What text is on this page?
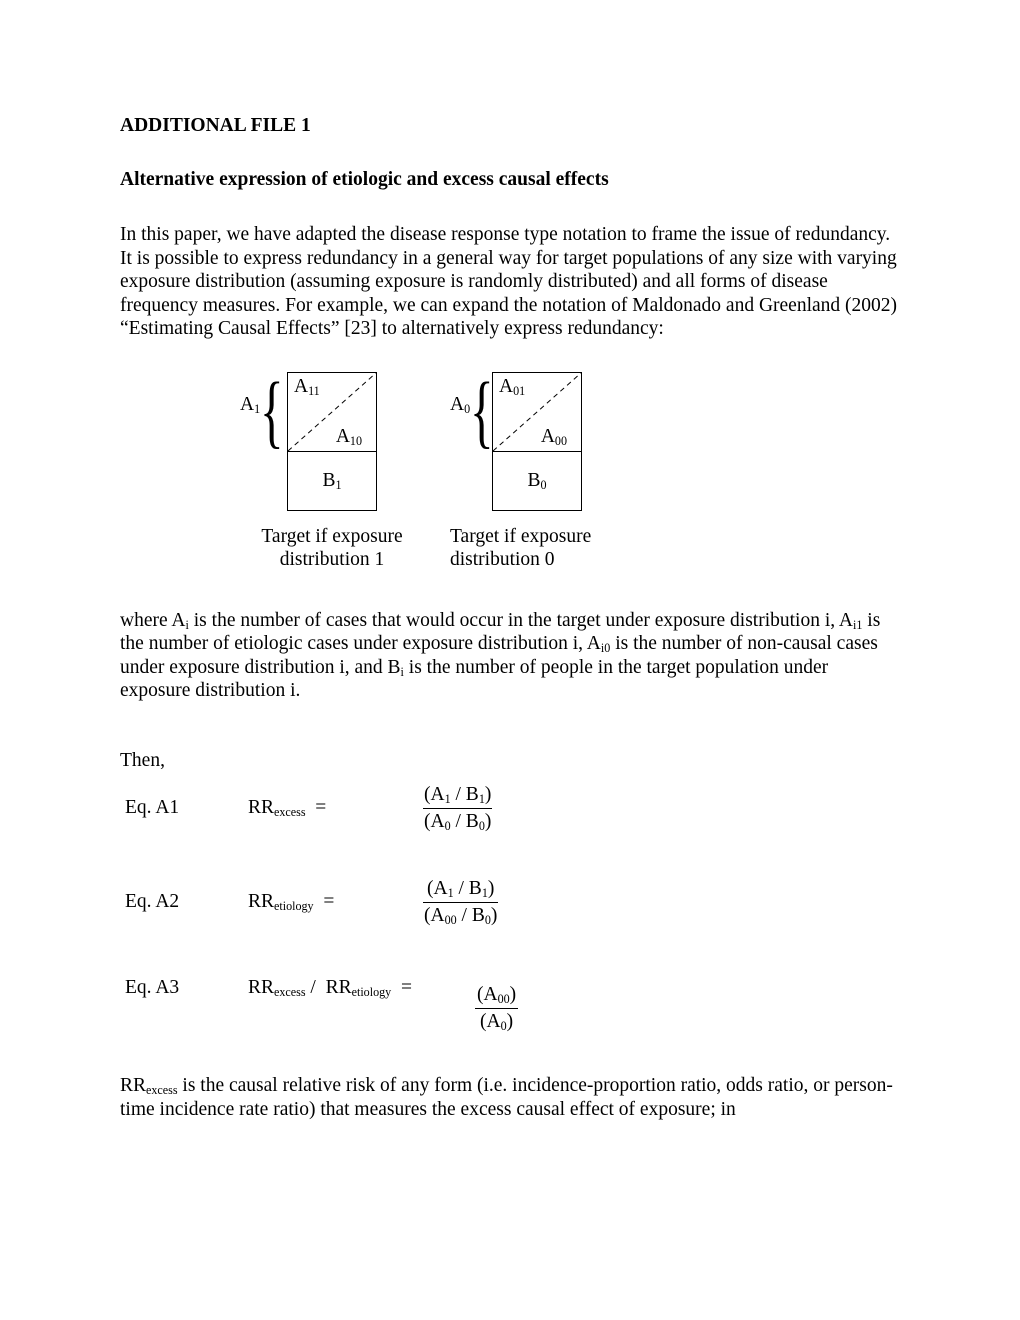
ADDITIONAL FILE 1

Alternative expression of etiologic and excess causal effects

In this paper, we have adapted the disease response type notation to frame the issue of redundancy. It is possible to express redundancy in a general way for target populations of any size with varying exposure distribution (assuming exposure is randomly distributed) and all forms of disease frequency measures. For example, we can expand the notation of Maldonado and Greenland (2002) “Estimating Causal Effects” [23] to alternatively express redundancy:

$A_1$ { $A_{11}$
$A_{10}$
$B_1$
Target if exposure
distribution 1
$A_0$ { $A_{01}$
$A_{00}$
$B_0$
Target if exposure
distribution 0

where $A_i$ is the number of cases that would occur in the target under exposure distribution i, $A_{i1}$ is the number of etiologic cases under exposure distribution i, $A_{i0}$ is the number of non-causal cases under exposure distribution i, and $B_i$ is the number of people in the target population under exposure distribution i.

Then,

Eq. A1	$RR_{excess}$  =	$\frac{(A_1 / B_1)}{(A_0 / B_0)}$
Eq. A2	$RR_{etiology}$  =	$\frac{(A_1 / B_1)}{(A_{00} / B_0)}$
Eq. A3	$RR_{excess} / RR_{etiology}$  =	$\frac{(A_{00})}{(A_0)}$

$RR_{excess}$ is the causal relative risk of any form (i.e. incidence-proportion ratio, odds ratio, or person-time incidence rate ratio) that measures the excess causal effect of exposure; in
